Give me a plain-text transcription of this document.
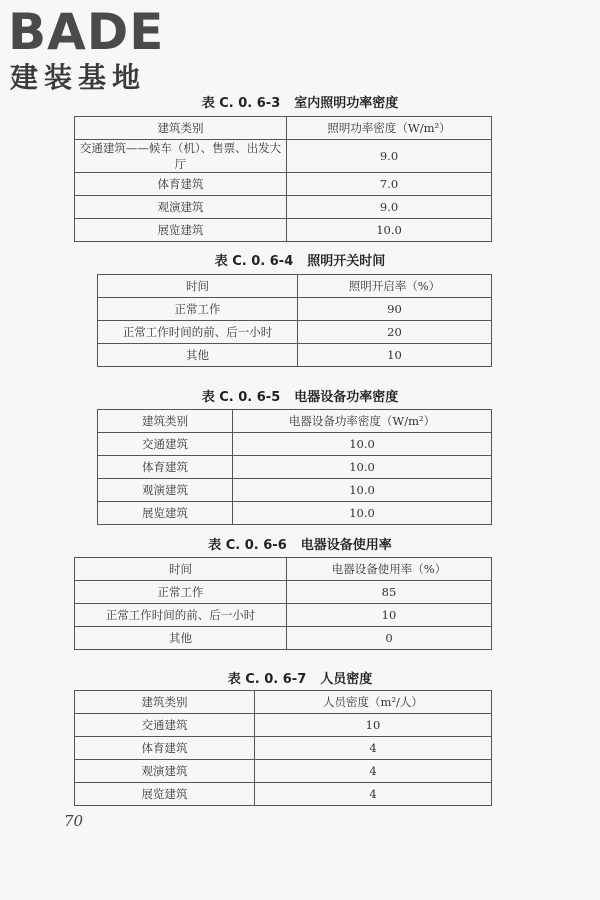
BADE
建装基地
表 C. 0. 6-3 室内照明功率密度
建筑类别	照明功率密度（W/m²）
交通建筑——候车（机）、售票、出发大厅	9.0
体育建筑	7.0
观演建筑	9.0
展览建筑	10.0
表 C. 0. 6-4 照明开关时间
时间	照明开启率（%）
正常工作	90
正常工作时间的前、后一小时	20
其他	10
表 C. 0. 6-5 电器设备功率密度
建筑类别	电器设备功率密度（W/m²）
交通建筑	10.0
体育建筑	10.0
观演建筑	10.0
展览建筑	10.0
表 C. 0. 6-6 电器设备使用率
时间	电器设备使用率（%）
正常工作	85
正常工作时间的前、后一小时	10
其他	0
表 C. 0. 6-7 人员密度
建筑类别	人员密度（m²/人）
交通建筑	10
体育建筑	4
观演建筑	4
展览建筑	4
70
